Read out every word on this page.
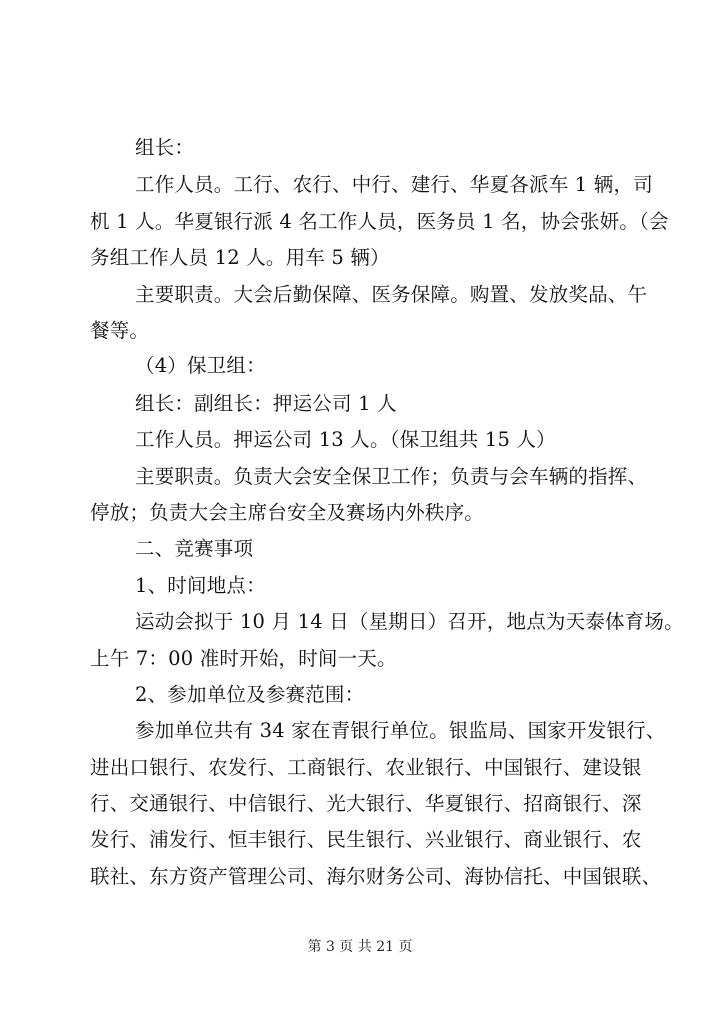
组长：
工作人员。工行、农行、中行、建行、华夏各派车 1 辆，司
机 1 人。华夏银行派 4 名工作人员，医务员 1 名，协会张妍。（会
务组工作人员 12 人。用车 5 辆）
主要职责。大会后勤保障、医务保障。购置、发放奖品、午
餐等。
（4）保卫组：
组长：副组长：押运公司 1 人
工作人员。押运公司 13 人。（保卫组共 15 人）
主要职责。负责大会安全保卫工作；负责与会车辆的指挥、
停放；负责大会主席台安全及赛场内外秩序。
二、竞赛事项
1、时间地点：
运动会拟于 10 月 14 日（星期日）召开，地点为天泰体育场。
上午 7：00 准时开始，时间一天。
2、参加单位及参赛范围：
参加单位共有 34 家在青银行单位。银监局、国家开发银行、
进出口银行、农发行、工商银行、农业银行、中国银行、建设银
行、交通银行、中信银行、光大银行、华夏银行、招商银行、深
发行、浦发行、恒丰银行、民生银行、兴业银行、商业银行、农
联社、东方资产管理公司、海尔财务公司、海协信托、中国银联、
第 3 页 共 21 页
